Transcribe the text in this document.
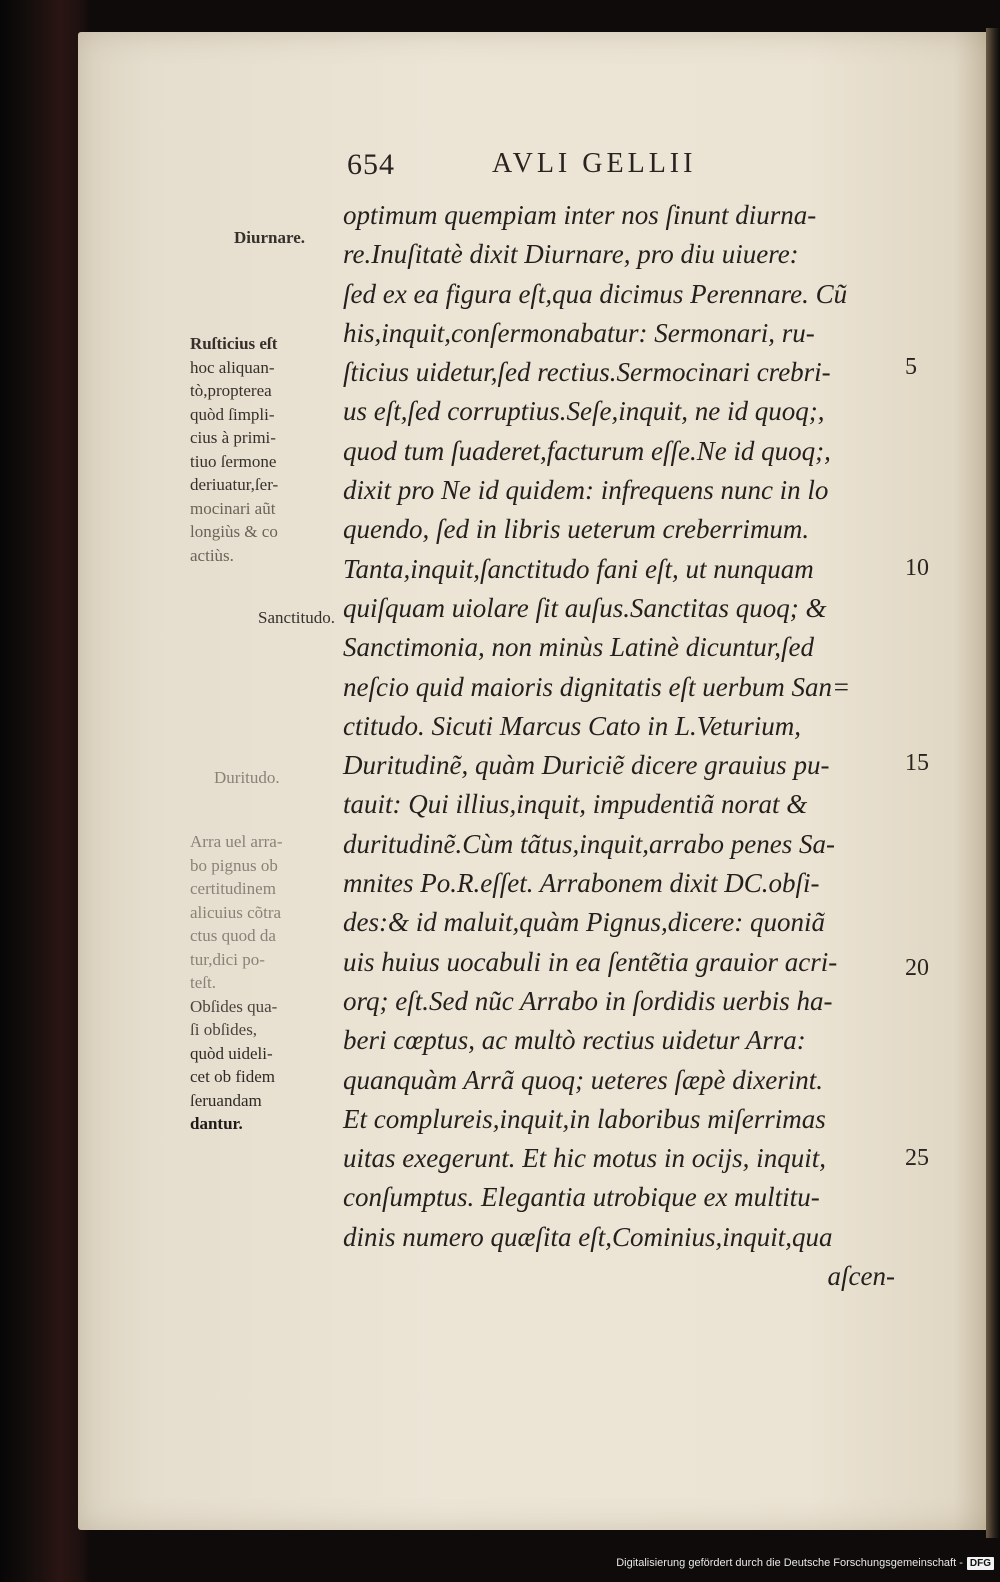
654	AVLI GELLII
Diurnare.
Ruſticius eſt
hoc aliquan-
tò,propterea
quòd ſimpli-
cius à primi-
tiuo ſermone
deriuatur,ſer-
mocinari aũt
longiùs & co
actiùs.
Sanctitudo.
Duritudo.
Arra uel arra-
bo pignus ob
certitudinem
alicuius cõtra
ctus quod da
tur,dici po-
teſt.
Obſides qua-
ſi obſides,
quòd uideli-
cet ob fidem
ſeruandam
dantur.
optimum quempiam inter nos ſinunt diurna-
re.Inuſitatè dixit Diurnare, pro diu uiuere:
ſed ex ea figura eſt,qua dicimus Perennare. Cũ
his,inquit,conſermonabatur: Sermonari, ru-
ſticius uidetur,ſed rectius.Sermocinari crebri-
us eſt,ſed corruptius.Seſe,inquit, ne id quoq;,
quod tum ſuaderet,facturum eſſe.Ne id quoq;,
dixit pro Ne id quidem: infrequens nunc in lo
quendo, ſed in libris ueterum creberrimum.
Tanta,inquit,ſanctitudo fani eſt, ut nunquam
quiſquam uiolare ſit auſus.Sanctitas quoq; &
Sanctimonia, non minùs Latinè dicuntur,ſed
neſcio quid maioris dignitatis eſt uerbum San=
ctitudo. Sicuti Marcus Cato in L.Veturium,
Duritudinẽ, quàm Duriciẽ dicere grauius pu-
tauit: Qui illius,inquit, impudentiã norat &
duritudinẽ.Cùm tãtus,inquit,arrabo penes Sa-
mnites Po.R.eſſet. Arrabonem dixit DC.obſi-
des:& id maluit,quàm Pignus,dicere: quoniã
uis huius uocabuli in ea ſentẽtia grauior acri-
orq; eſt.Sed nũc Arrabo in ſordidis uerbis ha-
beri cœptus, ac multò rectius uidetur Arra:
quanquàm Arrã quoq; ueteres ſæpè dixerint.
Et complureis,inquit,in laboribus miſerrimas
uitas exegerunt. Et hic motus in ocijs, inquit,
conſumptus. Elegantia utrobique ex multitu-
dinis numero quæſita eſt,Cominius,inquit,qua
aſcen-
5
10
15
20
25
Digitalisierung gefördert durch die Deutsche Forschungsgemeinschaft - DFG
